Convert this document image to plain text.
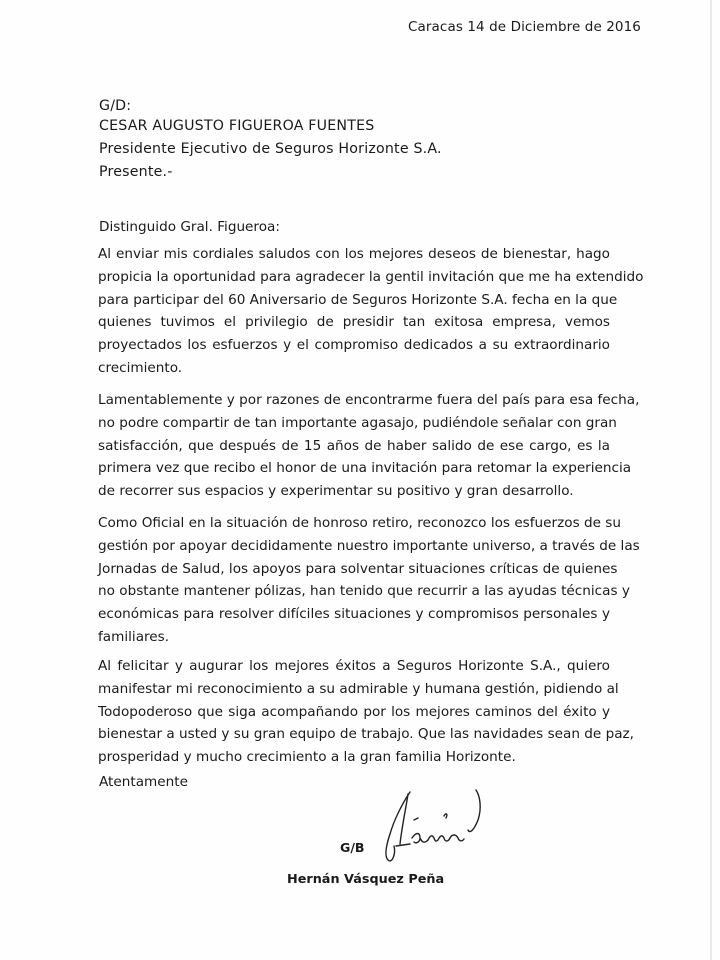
Caracas 14 de Diciembre de 2016
G/D:
CESAR AUGUSTO FIGUEROA FUENTES
Presidente Ejecutivo de Seguros Horizonte S.A.
Presente.-
Distinguido Gral. Figueroa:
Al enviar mis cordiales saludos con los mejores deseos de bienestar, hago
propicia la oportunidad para agradecer la gentil invitación que me ha extendido
para participar del 60 Aniversario de Seguros Horizonte S.A. fecha en la que
quienes tuvimos el privilegio de presidir tan exitosa empresa, vemos
proyectados los esfuerzos y el compromiso dedicados a su extraordinario
crecimiento.
Lamentablemente y por razones de encontrarme fuera del país para esa fecha,
no podre compartir de tan importante agasajo, pudiéndole señalar con gran
satisfacción, que después de 15 años de haber salido de ese cargo, es la
primera vez que recibo el honor de una invitación para retomar la experiencia
de recorrer sus espacios y experimentar su positivo y gran desarrollo.
Como Oficial en la situación de honroso retiro, reconozco los esfuerzos de su
gestión por apoyar decididamente nuestro importante universo, a través de las
Jornadas de Salud, los apoyos para solventar situaciones críticas de quienes
no obstante mantener pólizas, han tenido que recurrir a las ayudas técnicas y
económicas para resolver difíciles situaciones y compromisos personales y
familiares.
Al felicitar y augurar los mejores éxitos a Seguros Horizonte S.A., quiero
manifestar mi reconocimiento a su admirable y humana gestión, pidiendo al
Todopoderoso que siga acompañando por los mejores caminos del éxito y
bienestar a usted y su gran equipo de trabajo. Que las navidades sean de paz,
prosperidad y mucho crecimiento a la gran familia Horizonte.
Atentamente
G/B
Hernán Vásquez Peña
